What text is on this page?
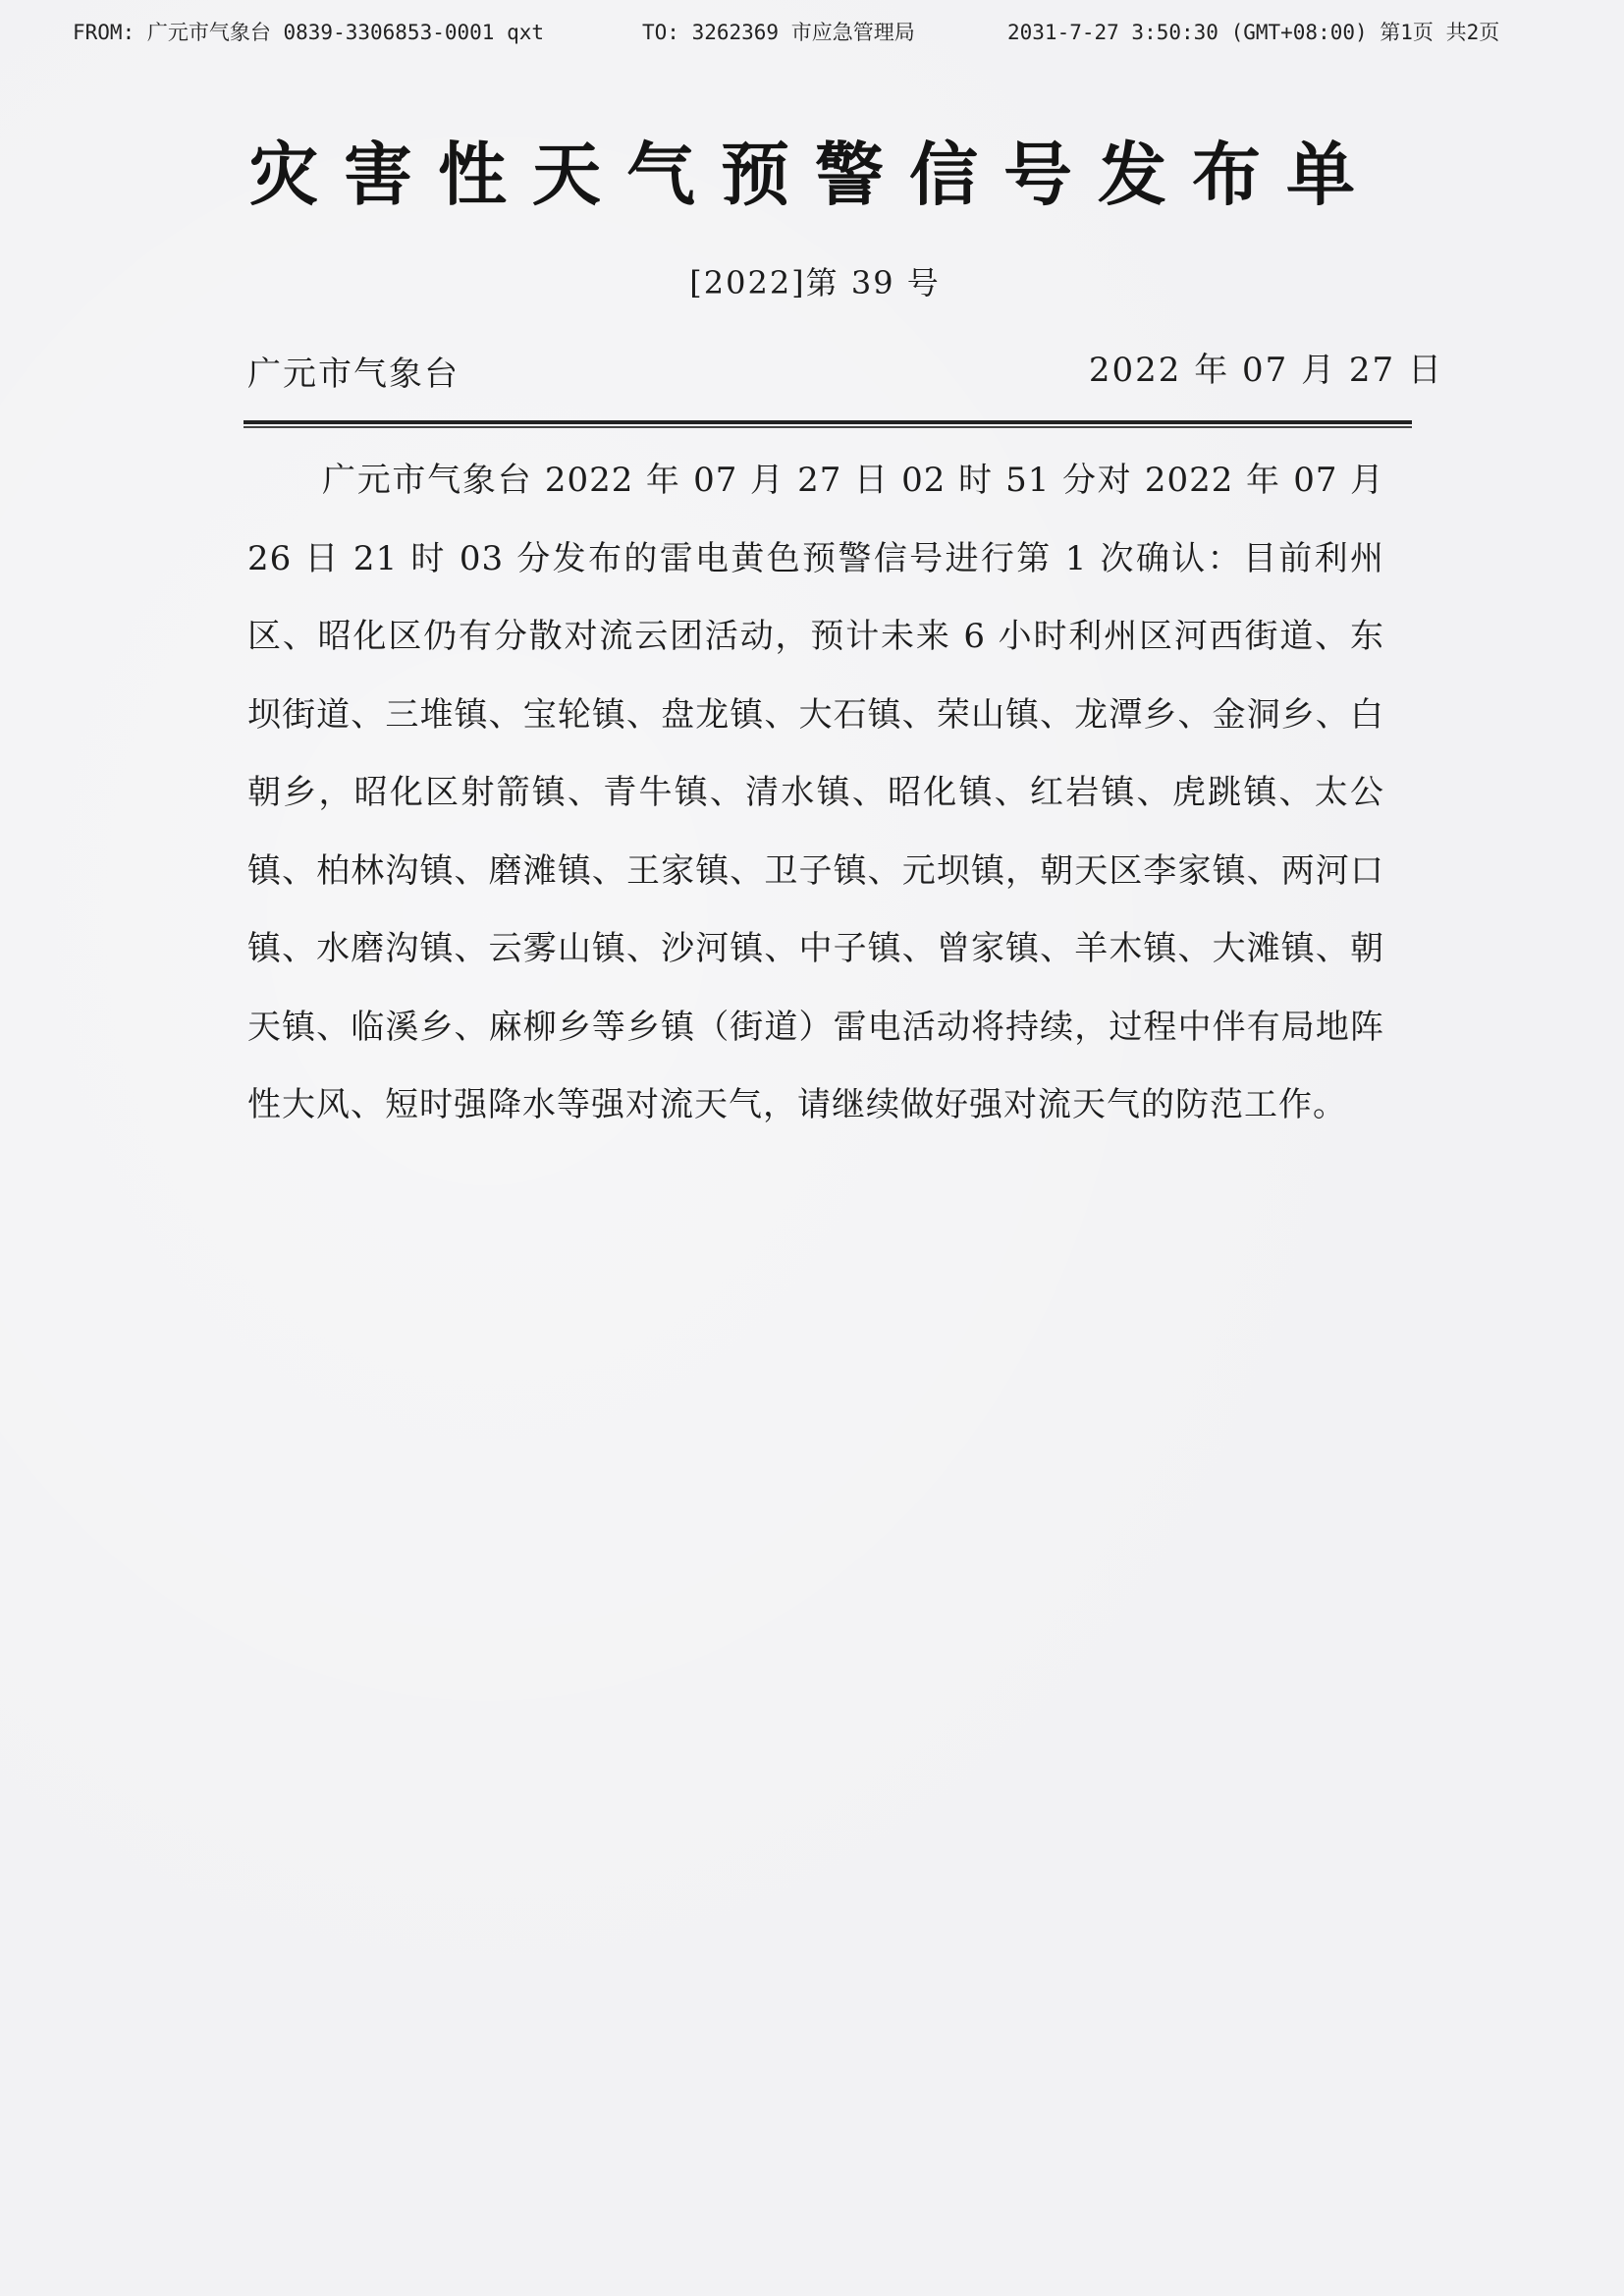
FROM: 广元市气象台 0839-3306853-0001 qxt	TO: 3262369 市应急管理局	2031-7-27 3:50:30 (GMT+08:00) 第1页 共2页
灾害性天气预警信号发布单
[2022]第 39 号
广元市气象台	2022 年 07 月 27 日

广元市气象台 2022 年 07 月 27 日 02 时 51 分对 2022 年 07 月 26 日 21 时 03 分发布的雷电黄色预警信号进行第 1 次确认：目前利州区、昭化区仍有分散对流云团活动，预计未来 6 小时利州区河西街道、东坝街道、三堆镇、宝轮镇、盘龙镇、大石镇、荣山镇、龙潭乡、金洞乡、白朝乡，昭化区射箭镇、青牛镇、清水镇、昭化镇、红岩镇、虎跳镇、太公镇、柏林沟镇、磨滩镇、王家镇、卫子镇、元坝镇，朝天区李家镇、两河口镇、水磨沟镇、云雾山镇、沙河镇、中子镇、曾家镇、羊木镇、大滩镇、朝天镇、临溪乡、麻柳乡等乡镇（街道）雷电活动将持续，过程中伴有局地阵性大风、短时强降水等强对流天气，请继续做好强对流天气的防范工作。
